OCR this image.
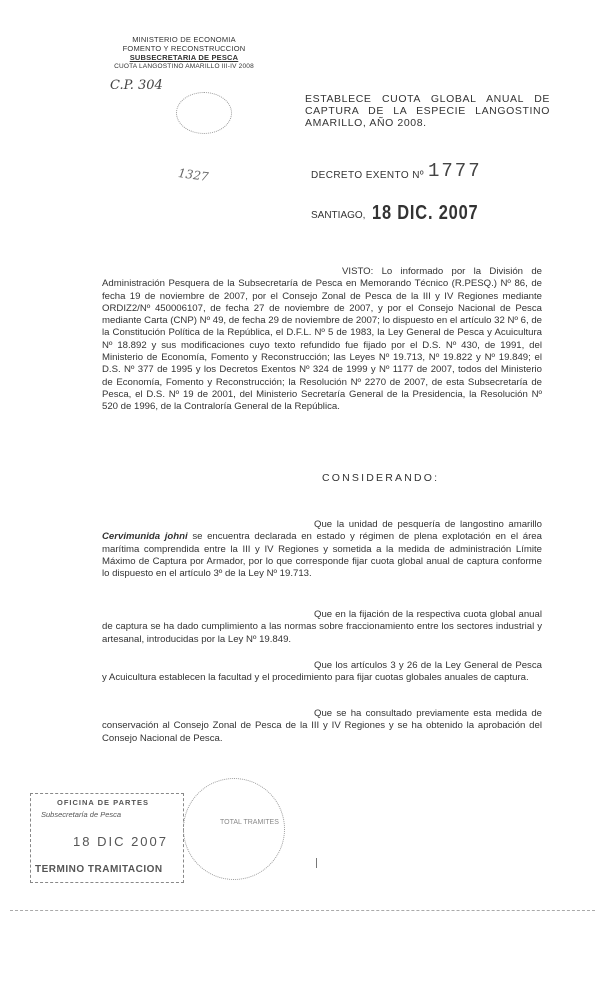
MINISTERIO DE ECONOMIA
FOMENTO Y RECONSTRUCCION
SUBSECRETARIA DE PESCA
CUOTA LANGOSTINO AMARILLO III-IV 2008
C.P. 304
1327
ESTABLECE CUOTA GLOBAL ANUAL DE CAPTURA DE LA ESPECIE LANGOSTINO AMARILLO, AÑO 2008.
DECRETO EXENTO Nº 1777
SANTIAGO, 18 DIC. 2007
VISTO: Lo informado por la División de Administración Pesquera de la Subsecretaría de Pesca en Memorando Técnico (R.PESQ.) Nº 86, de fecha 19 de noviembre de 2007, por el Consejo Zonal de Pesca de la III y IV Regiones mediante ORDIZ2/Nº 450006107, de fecha 27 de noviembre de 2007, y por el Consejo Nacional de Pesca mediante Carta (CNP) Nº 49, de fecha 29 de noviembre de 2007; lo dispuesto en el artículo 32 Nº 6, de la Constitución Política de la República, el D.F.L. Nº 5 de 1983, la Ley General de Pesca y Acuicultura Nº 18.892 y sus modificaciones cuyo texto refundido fue fijado por el D.S. Nº 430, de 1991, del Ministerio de Economía, Fomento y Reconstrucción; las Leyes Nº 19.713, Nº 19.822 y Nº 19.849; el D.S. Nº 377 de 1995 y los Decretos Exentos Nº 324 de 1999 y Nº 1177 de 2007, todos del Ministerio de Economía, Fomento y Reconstrucción; la Resolución Nº 2270 de 2007, de esta Subsecretaría de Pesca, el D.S. Nº 19 de 2001, del Ministerio Secretaría General de la Presidencia, la Resolución Nº 520 de 1996, de la Contraloría General de la República.
CONSIDERANDO:
Que la unidad de pesquería de langostino amarillo Cervimunida johni se encuentra declarada en estado y régimen de plena explotación en el área marítima comprendida entre la III y IV Regiones y sometida a la medida de administración Límite Máximo de Captura por Armador, por lo que corresponde fijar cuota global anual de captura conforme lo dispuesto en el artículo 3º de la Ley Nº 19.713.
Que en la fijación de la respectiva cuota global anual de captura se ha dado cumplimiento a las normas sobre fraccionamiento entre los sectores industrial y artesanal, introducidas por la Ley Nº 19.849.
Que los artículos 3 y 26 de la Ley General de Pesca y Acuicultura establecen la facultad y el procedimiento para fijar cuotas globales anuales de captura.
Que se ha consultado previamente esta medida de conservación al Consejo Zonal de Pesca de la III y IV Regiones y se ha obtenido la aprobación del Consejo Nacional de Pesca.
OFICINA DE PARTES
Subsecretaría de Pesca
18 DIC 2007
TERMINO TRAMITACION
TOTAL TRAMITES
